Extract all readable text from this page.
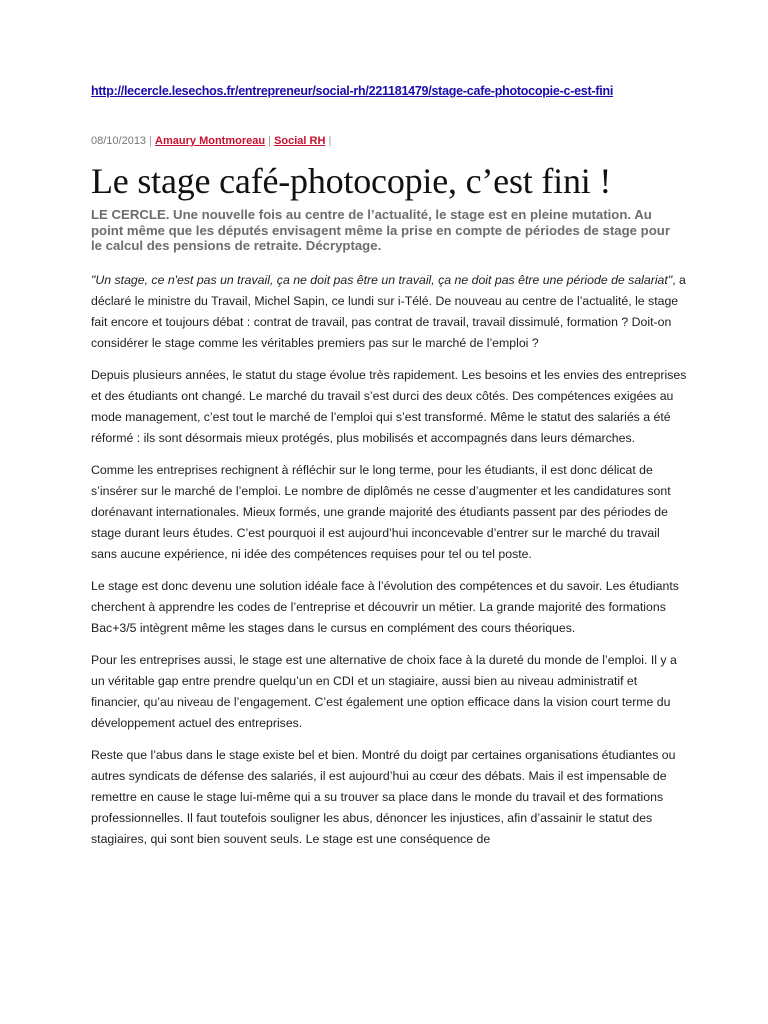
http://lecercle.lesechos.fr/entrepreneur/social-rh/221181479/stage-cafe-photocopie-c-est-fini
08/10/2013 | Amaury Montmoreau | Social RH |
Le stage café-photocopie, c’est fini !

LE CERCLE. Une nouvelle fois au centre de l’actualité, le stage est en pleine mutation. Au point même que les députés envisagent même la prise en compte de périodes de stage pour le calcul des pensions de retraite. Décryptage.

"Un stage, ce n'est pas un travail, ça ne doit pas être un travail, ça ne doit pas être une période de salariat", a déclaré le ministre du Travail, Michel Sapin, ce lundi sur i-Télé. De nouveau au centre de l’actualité, le stage fait encore et toujours débat : contrat de travail, pas contrat de travail, travail dissimulé, formation ? Doit-on considérer le stage comme les véritables premiers pas sur le marché de l’emploi ?

Depuis plusieurs années, le statut du stage évolue très rapidement. Les besoins et les envies des entreprises et des étudiants ont changé. Le marché du travail s’est durci des deux côtés. Des compétences exigées au mode management, c’est tout le marché de l’emploi qui s’est transformé. Même le statut des salariés a été réformé : ils sont désormais mieux protégés, plus mobilisés et accompagnés dans leurs démarches.

Comme les entreprises rechignent à réfléchir sur le long terme, pour les étudiants, il est donc délicat de s’insérer sur le marché de l’emploi. Le nombre de diplômés ne cesse d’augmenter et les candidatures sont dorénavant internationales. Mieux formés, une grande majorité des étudiants passent par des périodes de stage durant leurs études. C’est pourquoi il est aujourd’hui inconcevable d’entrer sur le marché du travail sans aucune expérience, ni idée des compétences requises pour tel ou tel poste.

Le stage est donc devenu une solution idéale face à l’évolution des compétences et du savoir. Les étudiants cherchent à apprendre les codes de l’entreprise et découvrir un métier. La grande majorité des formations Bac+3/5 intègrent même les stages dans le cursus en complément des cours théoriques.

Pour les entreprises aussi, le stage est une alternative de choix face à la dureté du monde de l’emploi. Il y a un véritable gap entre prendre quelqu’un en CDI et un stagiaire, aussi bien au niveau administratif et financier, qu’au niveau de l’engagement. C’est également une option efficace dans la vision court terme du développement actuel des entreprises.

Reste que l’abus dans le stage existe bel et bien. Montré du doigt par certaines organisations étudiantes ou autres syndicats de défense des salariés, il est aujourd’hui au cœur des débats. Mais il est impensable de remettre en cause le stage lui-même qui a su trouver sa place dans le monde du travail et des formations professionnelles. Il faut toutefois souligner les abus, dénoncer les injustices, afin d’assainir le statut des stagiaires, qui sont bien souvent seuls. Le stage est une conséquence de
